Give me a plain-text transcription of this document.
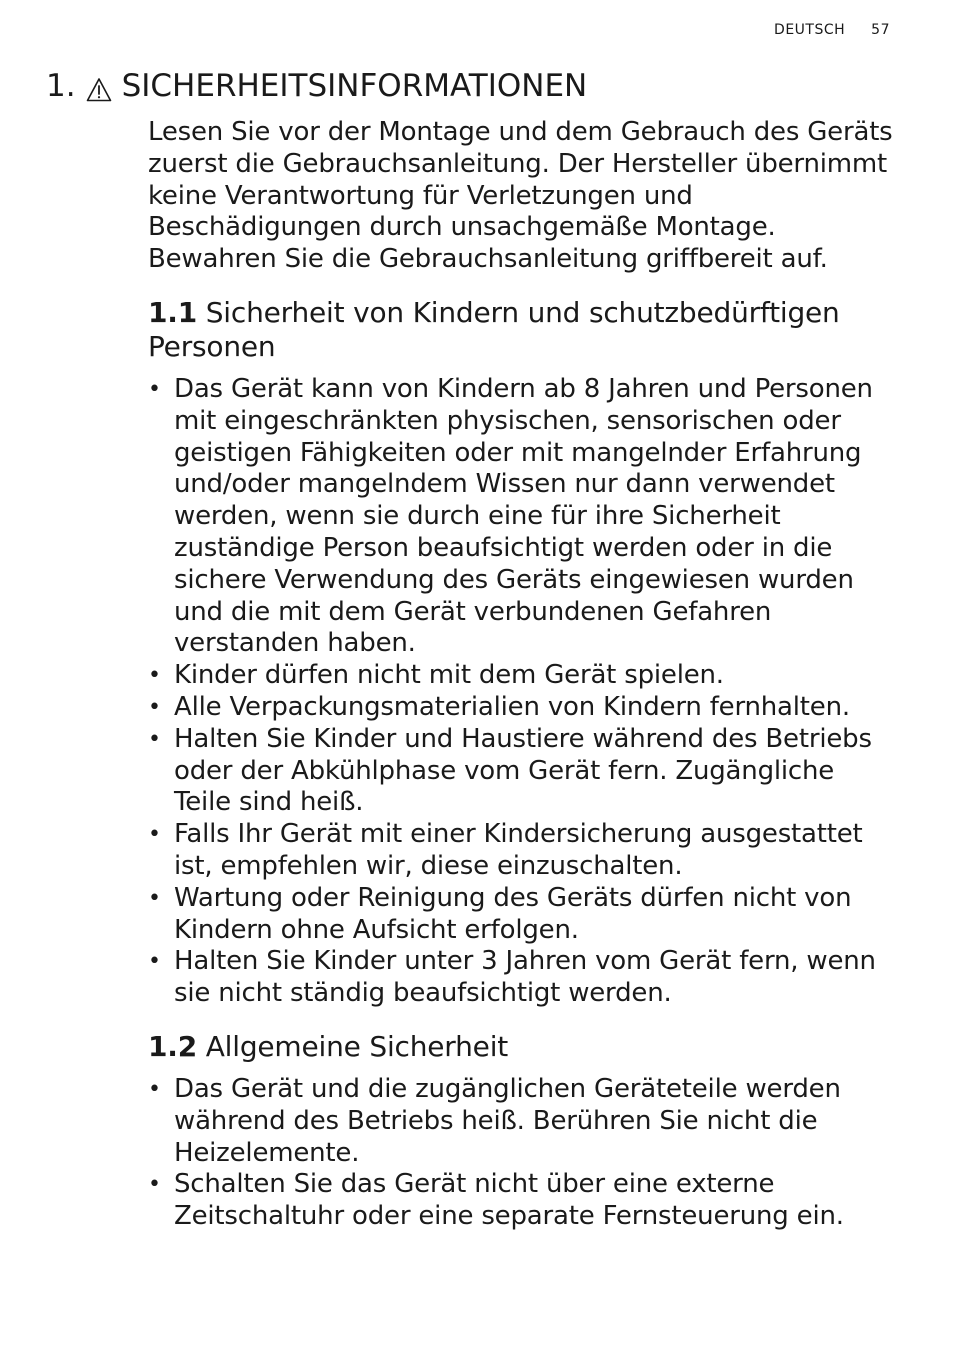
DEUTSCH 57
1. SICHERHEITSINFORMATIONEN

Lesen Sie vor der Montage und dem Gebrauch des Geräts zuerst die Gebrauchsanleitung. Der Hersteller übernimmt keine Verantwortung für Verletzungen und Beschädigungen durch unsachgemäße Montage. Bewahren Sie die Gebrauchsanleitung griffbereit auf.

1.1 Sicherheit von Kindern und schutzbedürftigen Personen
• Das Gerät kann von Kindern ab 8 Jahren und Personen mit eingeschränkten physischen, sensorischen oder geistigen Fähigkeiten oder mit mangelnder Erfahrung und/oder mangelndem Wissen nur dann verwendet werden, wenn sie durch eine für ihre Sicherheit zuständige Person beaufsichtigt werden oder in die sichere Verwendung des Geräts eingewiesen wurden und die mit dem Gerät verbundenen Gefahren verstanden haben.
• Kinder dürfen nicht mit dem Gerät spielen.
• Alle Verpackungsmaterialien von Kindern fernhalten.
• Halten Sie Kinder und Haustiere während des Betriebs oder der Abkühlphase vom Gerät fern. Zugängliche Teile sind heiß.
• Falls Ihr Gerät mit einer Kindersicherung ausgestattet ist, empfehlen wir, diese einzuschalten.
• Wartung oder Reinigung des Geräts dürfen nicht von Kindern ohne Aufsicht erfolgen.
• Halten Sie Kinder unter 3 Jahren vom Gerät fern, wenn sie nicht ständig beaufsichtigt werden.
1.2 Allgemeine Sicherheit
• Das Gerät und die zugänglichen Geräteteile werden während des Betriebs heiß. Berühren Sie nicht die Heizelemente.
• Schalten Sie das Gerät nicht über eine externe Zeitschaltuhr oder eine separate Fernsteuerung ein.
